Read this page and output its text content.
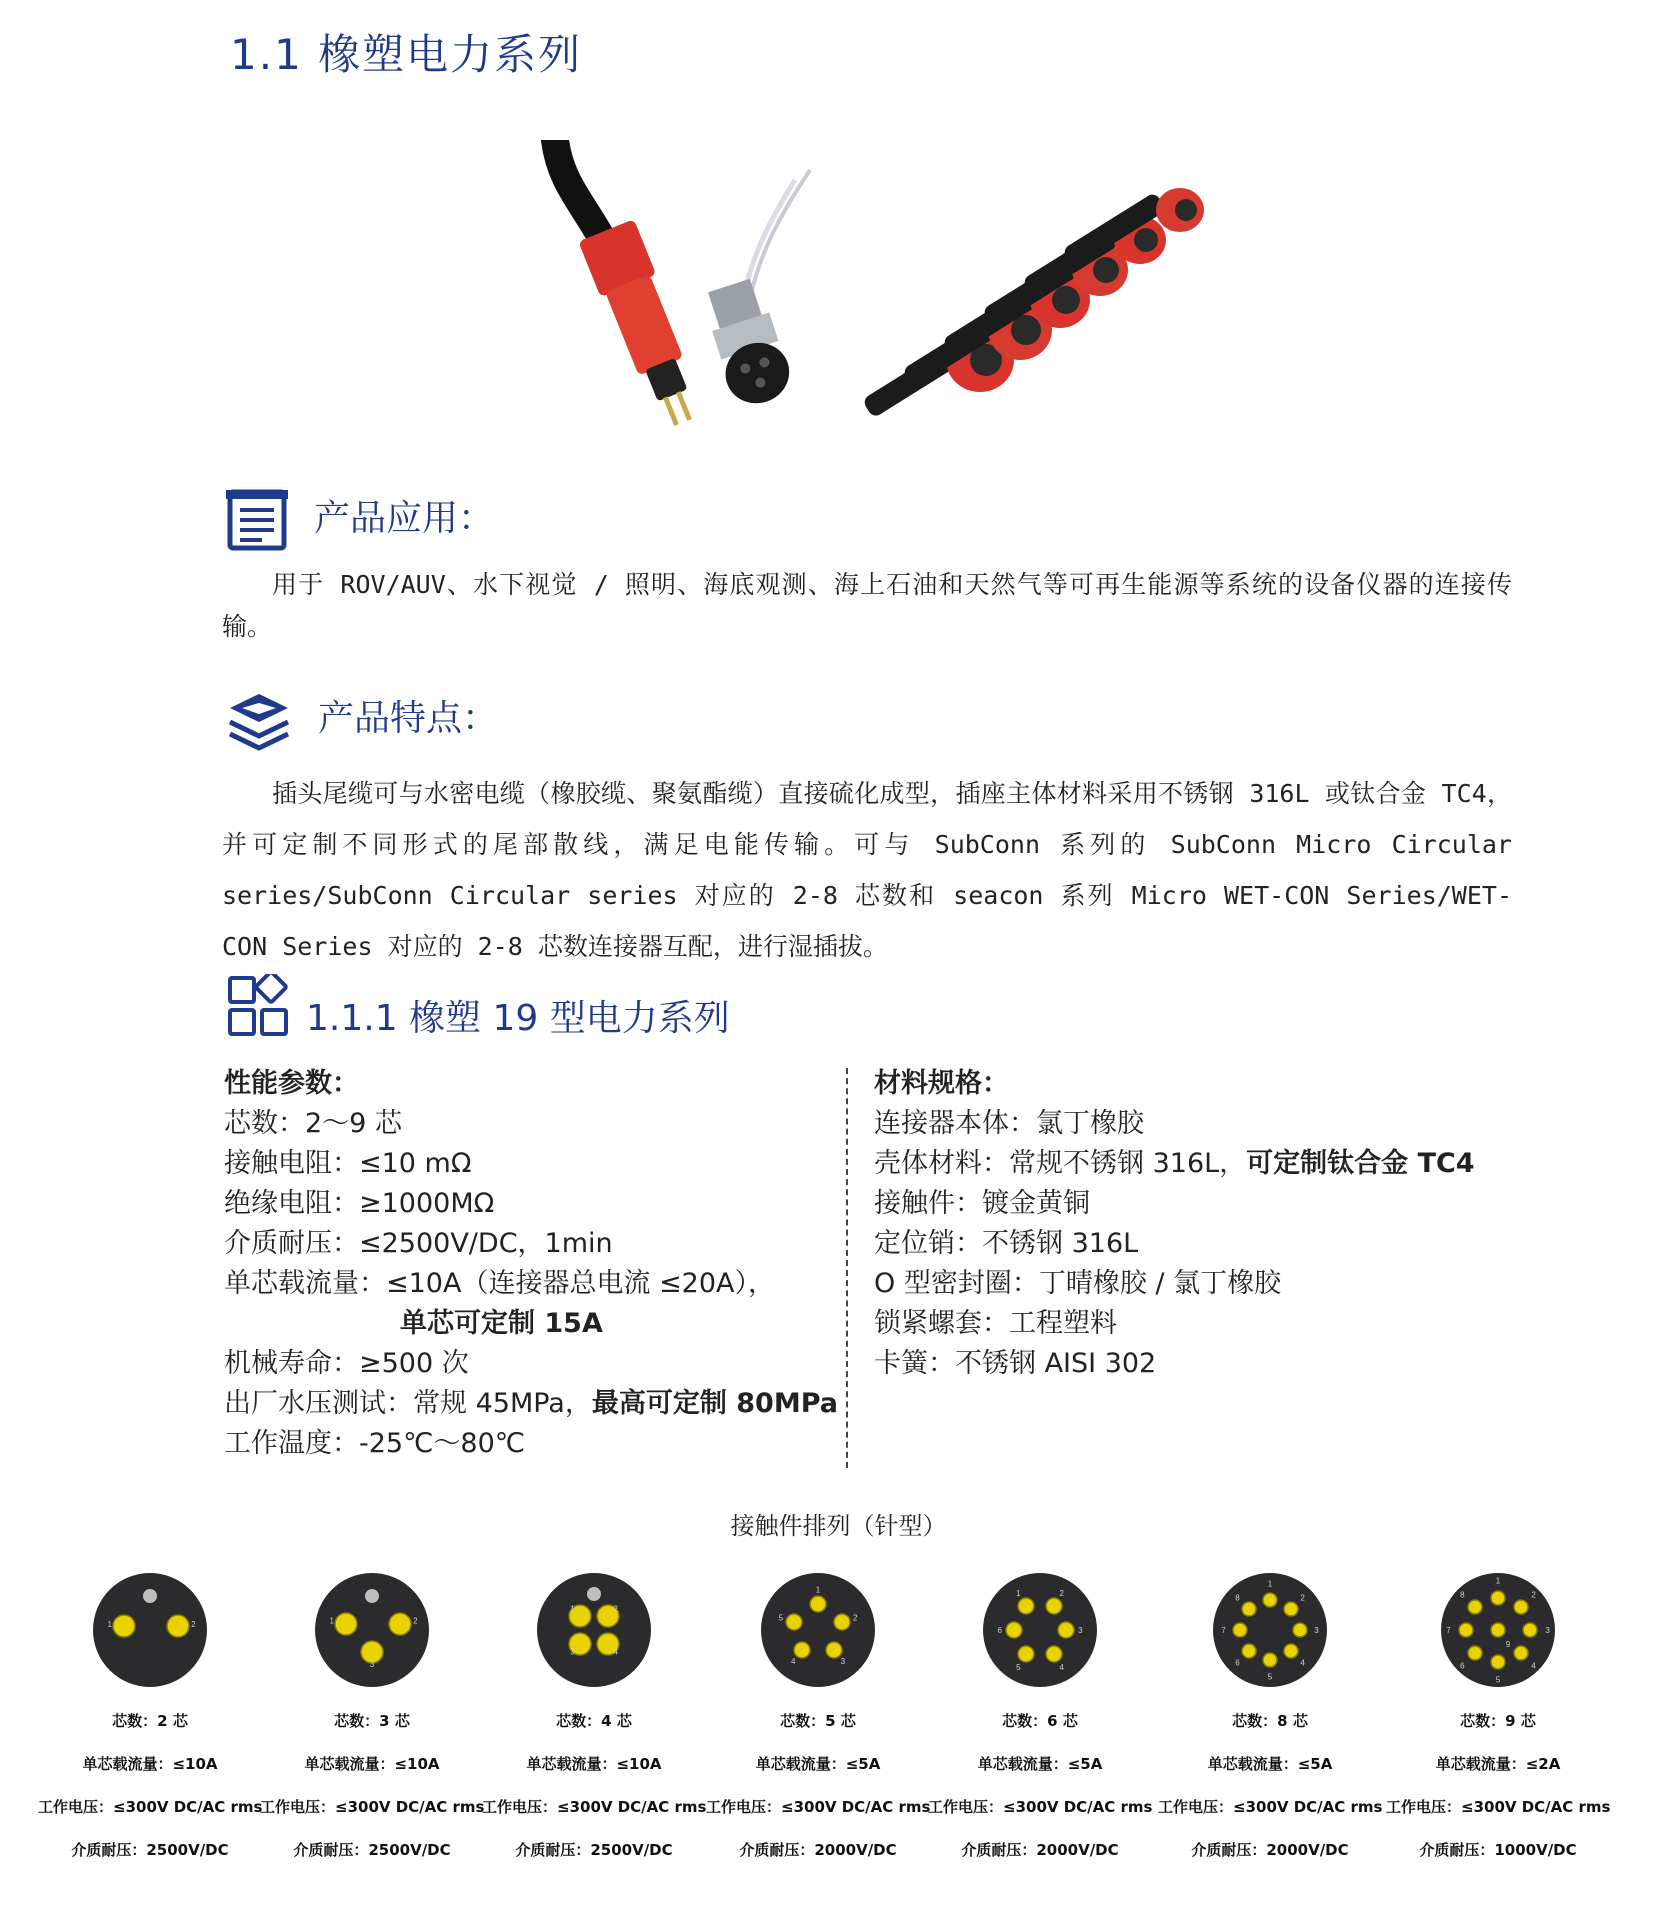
1.1 橡塑电力系列
产品应用：

用于 ROV/AUV、水下视觉 / 照明、海底观测、海上石油和天然气等可再生能源等系统的设备仪器的连接传输。

产品特点：

插头尾缆可与水密电缆（橡胶缆、聚氨酯缆）直接硫化成型，插座主体材料采用不锈钢 316L 或钛合金 TC4，并可定制不同形式的尾部散线，满足电能传输。可与 SubConn 系列的 SubConn Micro Circular series/SubConn Circular series 对应的 2-8 芯数和 seacon 系列 Micro WET-CON Series/WET-CON Series 对应的 2-8 芯数连接器互配，进行湿插拔。

1.1.1 橡塑 19 型电力系列
性能参数：
芯数：2～9 芯
接触电阻：≤10 mΩ
绝缘电阻：≥1000MΩ
介质耐压：≤2500V/DC，1min
单芯载流量：≤10A（连接器总电流 ≤20A），
单芯可定制 15A
机械寿命：≥500 次
出厂水压测试：常规 45MPa，最高可定制 80MPa
工作温度：-25℃～80℃
材料规格：
连接器本体：氯丁橡胶
壳体材料：常规不锈钢 316L，可定制钛合金 TC4
接触件：镀金黄铜
定位销：不锈钢 316L
O 型密封圈：丁晴橡胶 / 氯丁橡胶
锁紧螺套：工程塑料
卡簧：不锈钢 AISI 302
接触件排列（针型）
1	2
芯数：2 芯
单芯载流量：≤10A
工作电压：≤300V DC/AC rms
介质耐压：2500V/DC
1	2
3
芯数：3 芯
单芯载流量：≤10A
工作电压：≤300V DC/AC rms
介质耐压：2500V/DC
1	2
3	4
芯数：4 芯
单芯载流量：≤10A
工作电压：≤300V DC/AC rms
介质耐压：2500V/DC
1
2
3
4
5
芯数：5 芯
单芯载流量：≤5A
工作电压：≤300V DC/AC rms
介质耐压：2000V/DC
1	2
3
4
5
6
芯数：6 芯
单芯载流量：≤5A
工作电压：≤300V DC/AC rms
介质耐压：2000V/DC
1
2
3
4
5
6
7
8
芯数：8 芯
单芯载流量：≤5A
工作电压：≤300V DC/AC rms
介质耐压：2000V/DC
1
2
3
4
5
6
7
8
9
芯数：9 芯
单芯载流量：≤2A
工作电压：≤300V DC/AC rms
介质耐压：1000V/DC
